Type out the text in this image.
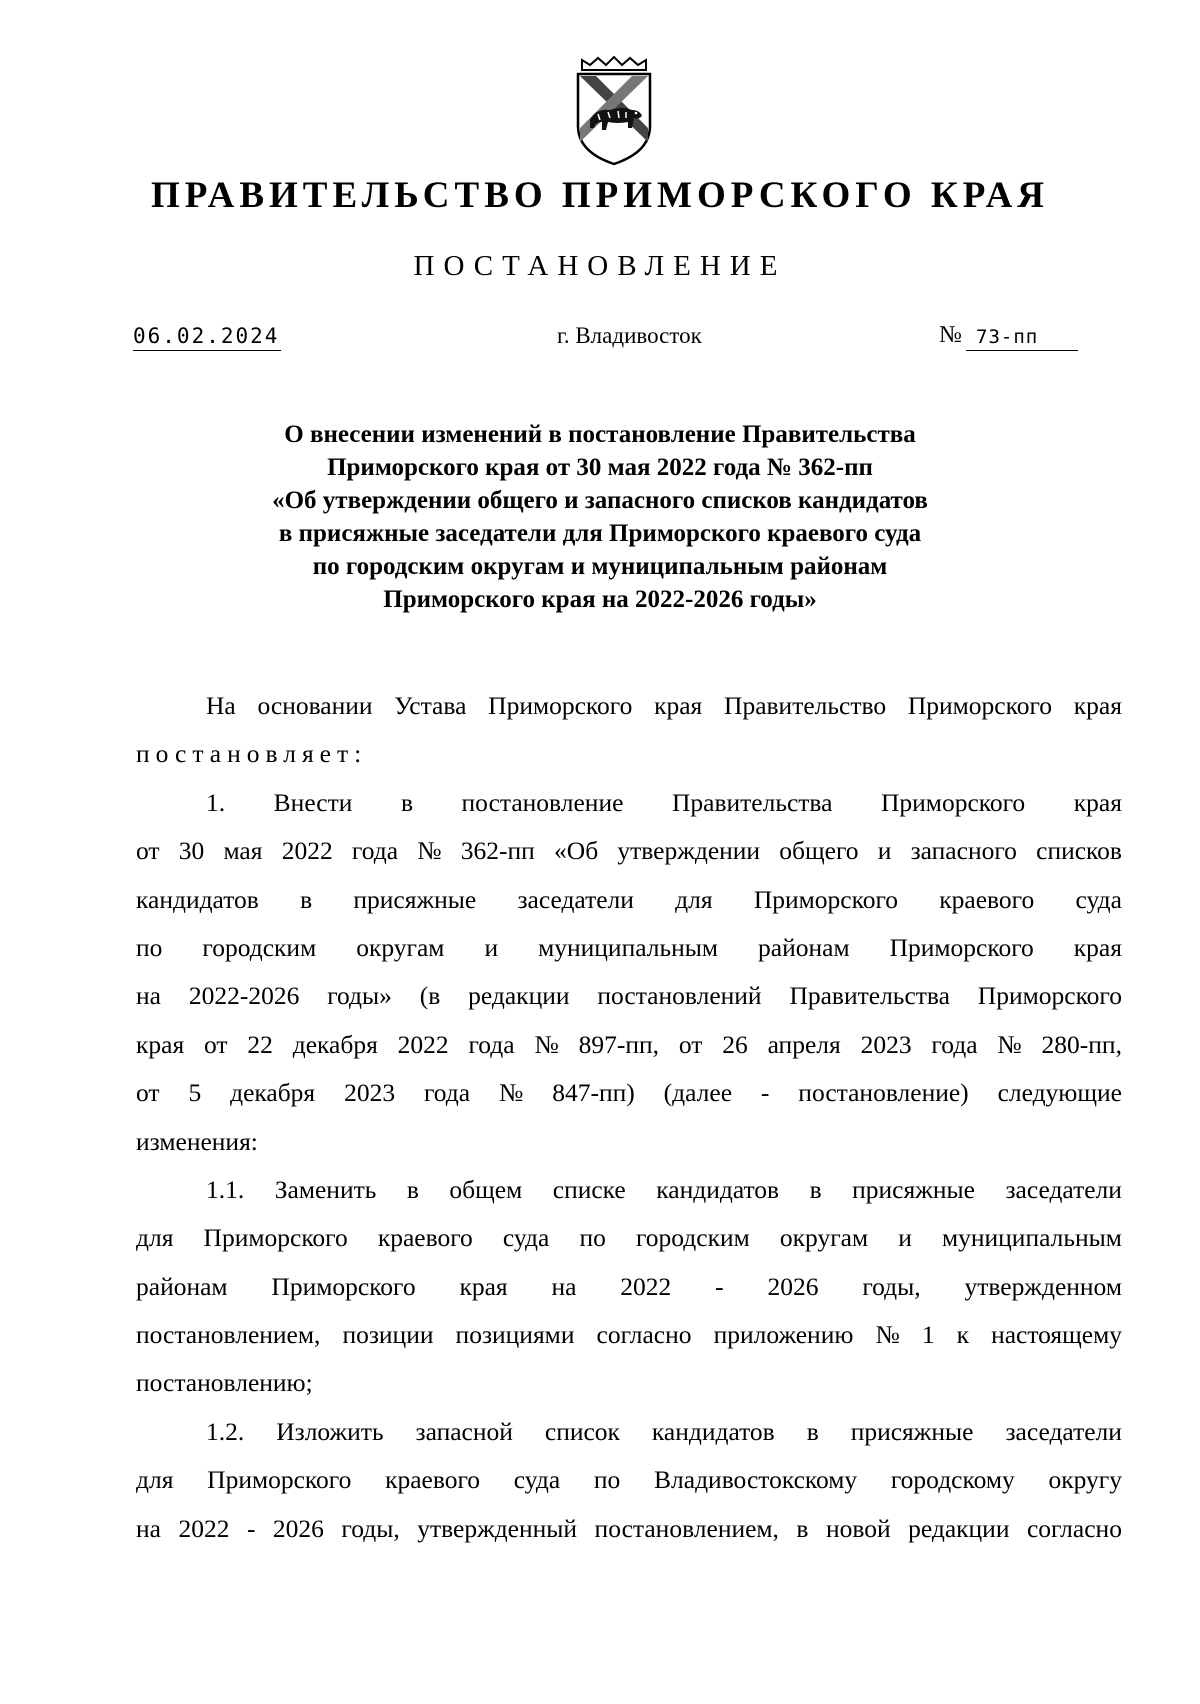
ПРАВИТЕЛЬСТВО ПРИМОРСКОГО КРАЯ
ПОСТАНОВЛЕНИЕ
06.02.2024	г. Владивосток	№ 73-пп
О внесении изменений в постановление Правительства
Приморского края от 30 мая 2022 года № 362-пп
«Об утверждении общего и запасного списков кандидатов
в присяжные заседатели для Приморского краевого суда
по городским округам и муниципальным районам
Приморского края на 2022-2026 годы»
На основании Устава Приморского края Правительство Приморского края
постановляет:
1. Внести в постановление Правительства Приморского края
от 30 мая 2022 года № 362-пп «Об утверждении общего и запасного списков
кандидатов в присяжные заседатели для Приморского краевого суда
по городским округам и муниципальным районам Приморского края
на 2022-2026 годы» (в редакции постановлений Правительства Приморского
края от 22 декабря 2022 года № 897-пп, от 26 апреля 2023 года № 280-пп,
от 5 декабря 2023 года № 847-пп) (далее - постановление) следующие
изменения:
1.1. Заменить в общем списке кандидатов в присяжные заседатели
для Приморского краевого суда по городским округам и муниципальным
районам Приморского края на 2022 - 2026 годы, утвержденном
постановлением, позиции позициями согласно приложению № 1 к настоящему
постановлению;
1.2. Изложить запасной список кандидатов в присяжные заседатели
для Приморского краевого суда по Владивостокскому городскому округу
на 2022 - 2026 годы, утвержденный постановлением, в новой редакции согласно
